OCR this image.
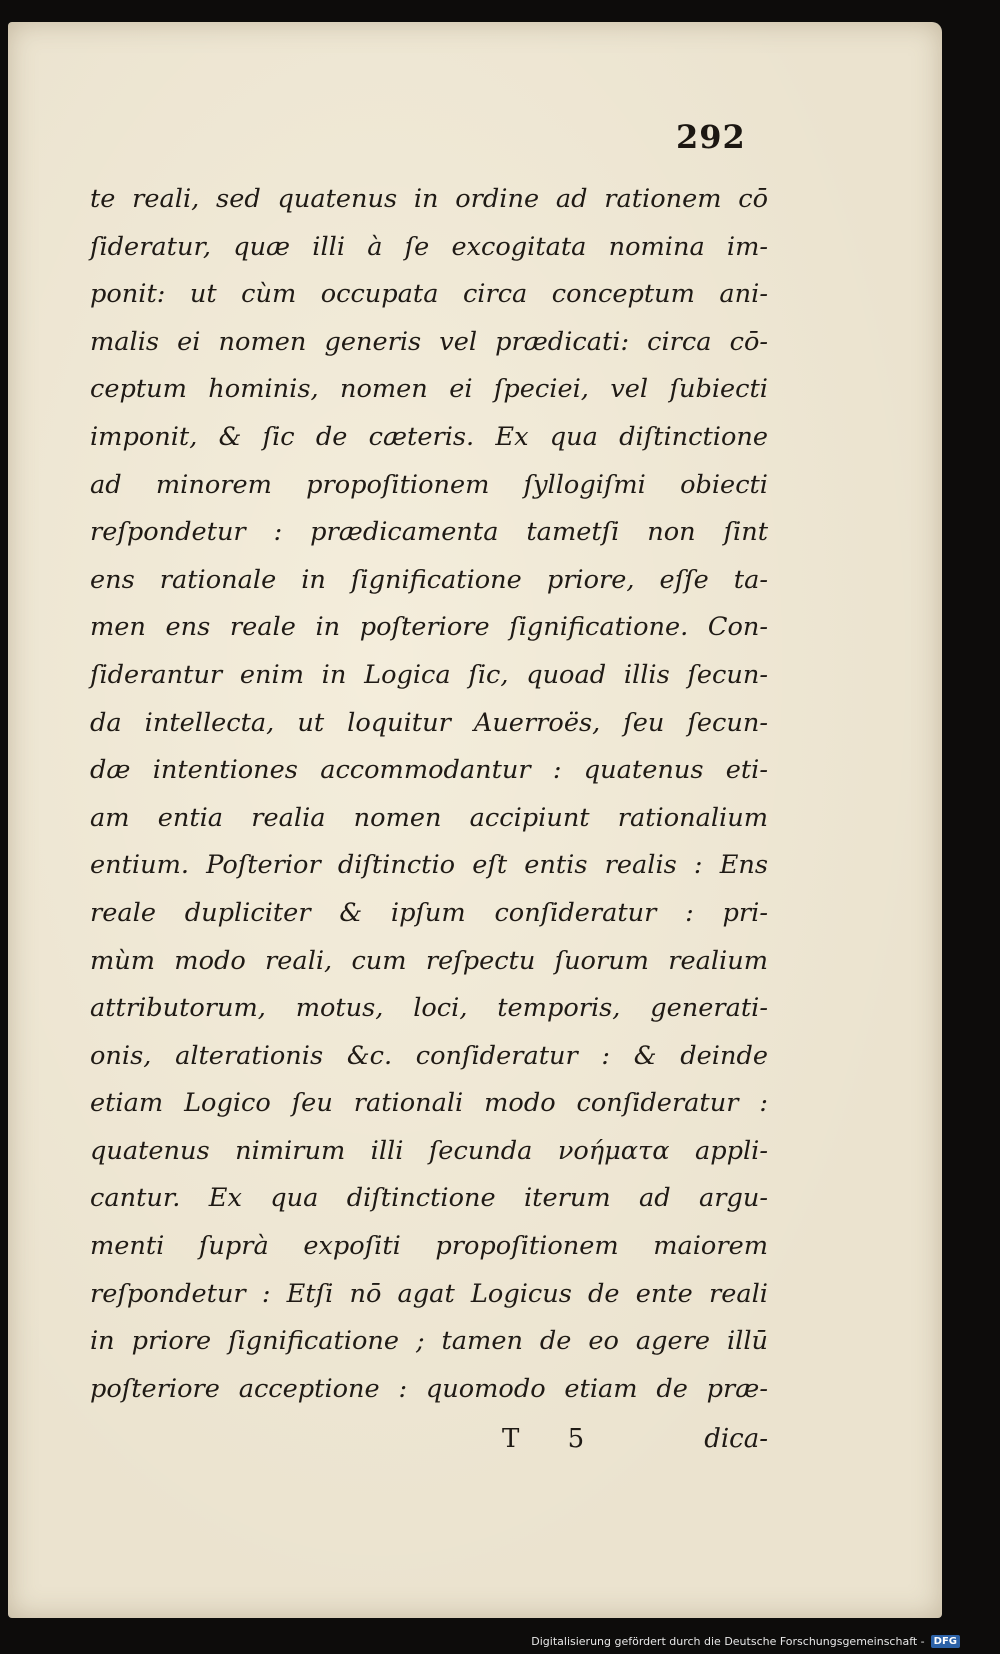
292
te reali, sed quatenus in ordine ad rationem cō
ſideratur, quæ illi à ſe excogitata nomina im-
ponit: ut cùm occupata circa conceptum ani-
malis ei nomen generis vel prædicati: circa cō-
ceptum hominis, nomen ei ſpeciei, vel ſubiecti
imponit, & ſic de cæteris. Ex qua diſtinctione
ad minorem propoſitionem ſyllogiſmi obiecti
reſpondetur : prædicamenta tametſi non ſint
ens rationale in ſignificatione priore, eſſe ta-
men ens reale in poſteriore ſignificatione. Con-
ſiderantur enim in Logica ſic, quoad illis ſecun-
da intellecta, ut loquitur Auerroës, ſeu ſecun-
dæ intentiones accommodantur : quatenus eti-
am entia realia nomen accipiunt rationalium
entium. Poſterior diſtinctio eſt entis realis : Ens
reale dupliciter & ipſum conſideratur : pri-
mùm modo reali, cum reſpectu ſuorum realium
attributorum, motus, loci, temporis, generati-
onis, alterationis &c. conſideratur : & deinde
etiam Logico ſeu rationali modo conſideratur :
quatenus nimirum illi ſecunda νοήματα appli-
cantur. Ex qua diſtinctione iterum ad argu-
menti ſuprà expoſiti propoſitionem maiorem
reſpondetur : Etſi nō agat Logicus de ente reali
in priore ſignificatione ; tamen de eo agere illū
poſteriore acceptione : quomodo etiam de præ-
T 5	dica-
Digitalisierung gefördert durch die Deutsche Forschungsgemeinschaft - DFG
